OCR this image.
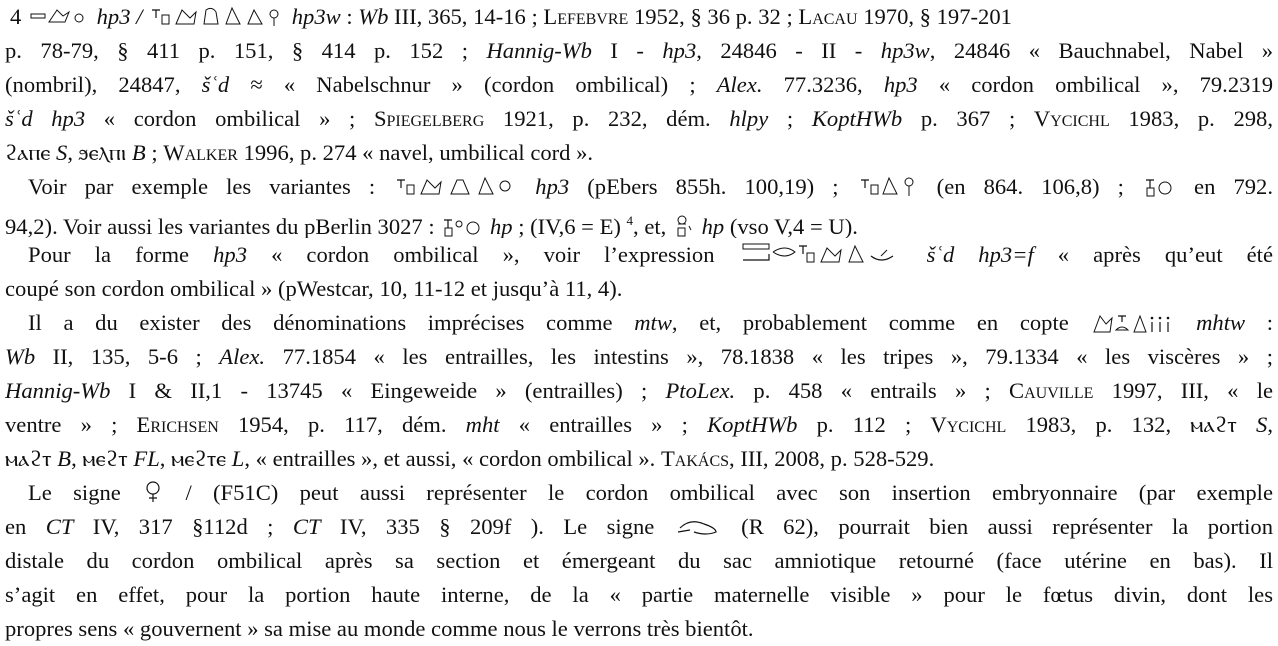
4	hp3 /	hp3w : Wb III, 365, 14-16 ; Lefebvre 1952, § 36 p. 32 ; Lacau 1970, § 197-201
p. 78-79, § 411 p. 151, § 414 p. 152 ; Hannig-Wb I - hp3, 24846 - II - hp3w, 24846 « Bauchnabel, Nabel »
(nombril), 24847, šʿd ≈ « Nabelschnur » (cordon ombilical) ; Alex. 77.3236, hp3 « cordon ombilical », 79.2319
šʿd hp3 « cordon ombilical » ; Spiegelberg 1921, p. 232, dém. hlpy ; KoptHWb p. 367 ; Vycichl 1983, p. 298,
ϩⲁⲡⲉ S, ϧⲉⲗⲡⲓ B ; Walker 1996, p. 274 « navel, umbilical cord ».
Voir par exemple les variantes :	hp3 (pEbers 855h. 100,19) ;	(en 864. 106,8) ;
en 792.
94,2). Voir aussi les variantes du pBerlin 3027 :
hp ; (IV,6 = E) $^4$, et,
hp (vso V,4 = U).
Pour la forme hp3 « cordon ombilical », voir l’expression	šʿd hp3=f « après qu’eut été
coupé son cordon ombilical » (pWestcar, 10, 11-12 et jusqu’à 11, 4).
Il a du exister des dénominations imprécises comme mtw, et, probablement comme en copte	mhtw :
Wb II, 135, 5-6 ; Alex. 77.1854 « les entrailles, les intestins », 78.1838 « les tripes », 79.1334 « les viscères » ;
Hannig-Wb I & II,1 - 13745 « Eingeweide » (entrailles) ; PtoLex. p. 458 « entrails » ; Cauville 1997, III, « le
ventre » ; Erichsen 1954, p. 117, dém. mht « entrailles » ; KoptHWb p. 112 ; Vycichl 1983, p. 132, ⲙⲁϩⲧ S,
ⲙⲁϩⲧ B, ⲙⲉϩⲧ FL, ⲙⲉϩⲧⲉ L, « entrailles », et aussi, « cordon ombilical ». Takács, III, 2008, p. 528-529.
Le signe
/ (F51C) peut aussi représenter le cordon ombilical avec son insertion embryonnaire (par exemple
en CT IV, 317 §112d ; CT IV, 335 § 209f ). Le signe
(R 62), pourrait bien aussi représenter la portion
distale du cordon ombilical après sa section et émergeant du sac amniotique retourné (face utérine en bas). Il
s’agit en effet, pour la portion haute interne, de la « partie maternelle visible » pour le fœtus divin, dont les
propres sens « gouvernent » sa mise au monde comme nous le verrons très bientôt.
